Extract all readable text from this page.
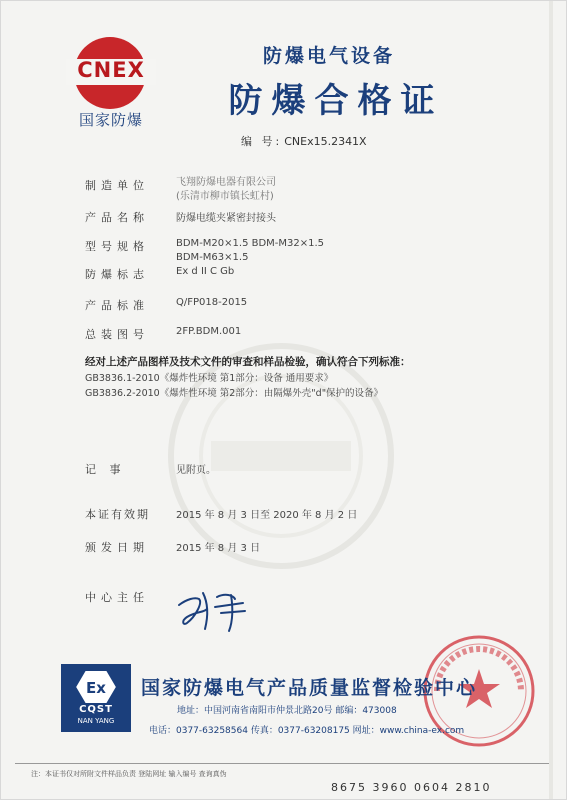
CNEX
国家防爆
防爆电气设备
防爆合格证
编 号: CNEx15.2341X
制造单位	飞翔防爆电器有限公司
(乐清市柳市镇长虹村)
产品名称	防爆电缆夹紧密封接头
型号规格	BDM-M20×1.5 BDM-M32×1.5
BDM-M63×1.5
防爆标志	Ex d II C Gb
产品标准	Q/FP018-2015
总装图号	2FP.BDM.001
经对上述产品图样及技术文件的审查和样品检验，确认符合下列标准：
GB3836.1-2010《爆炸性环境 第1部分：设备 通用要求》
GB3836.2-2010《爆炸性环境 第2部分：由隔爆外壳"d"保护的设备》
记 事	见附页。
本证有效期	2015 年 8 月 3 日至 2020 年 8 月 2 日
颁发日期	2015 年 8 月 3 日
中心主任
Ex
CQST
NAN YANG
国家防爆电气产品质量监督检验中心
地址：中国河南省南阳市仲景北路20号 邮编：473008
电话：0377-63258564 传真：0377-63208175 网址：www.china-ex.com
注：本证书仅对所附文件样品负责 登陆网址 输入编号 查询真伪
8675 3960 0604 2810
